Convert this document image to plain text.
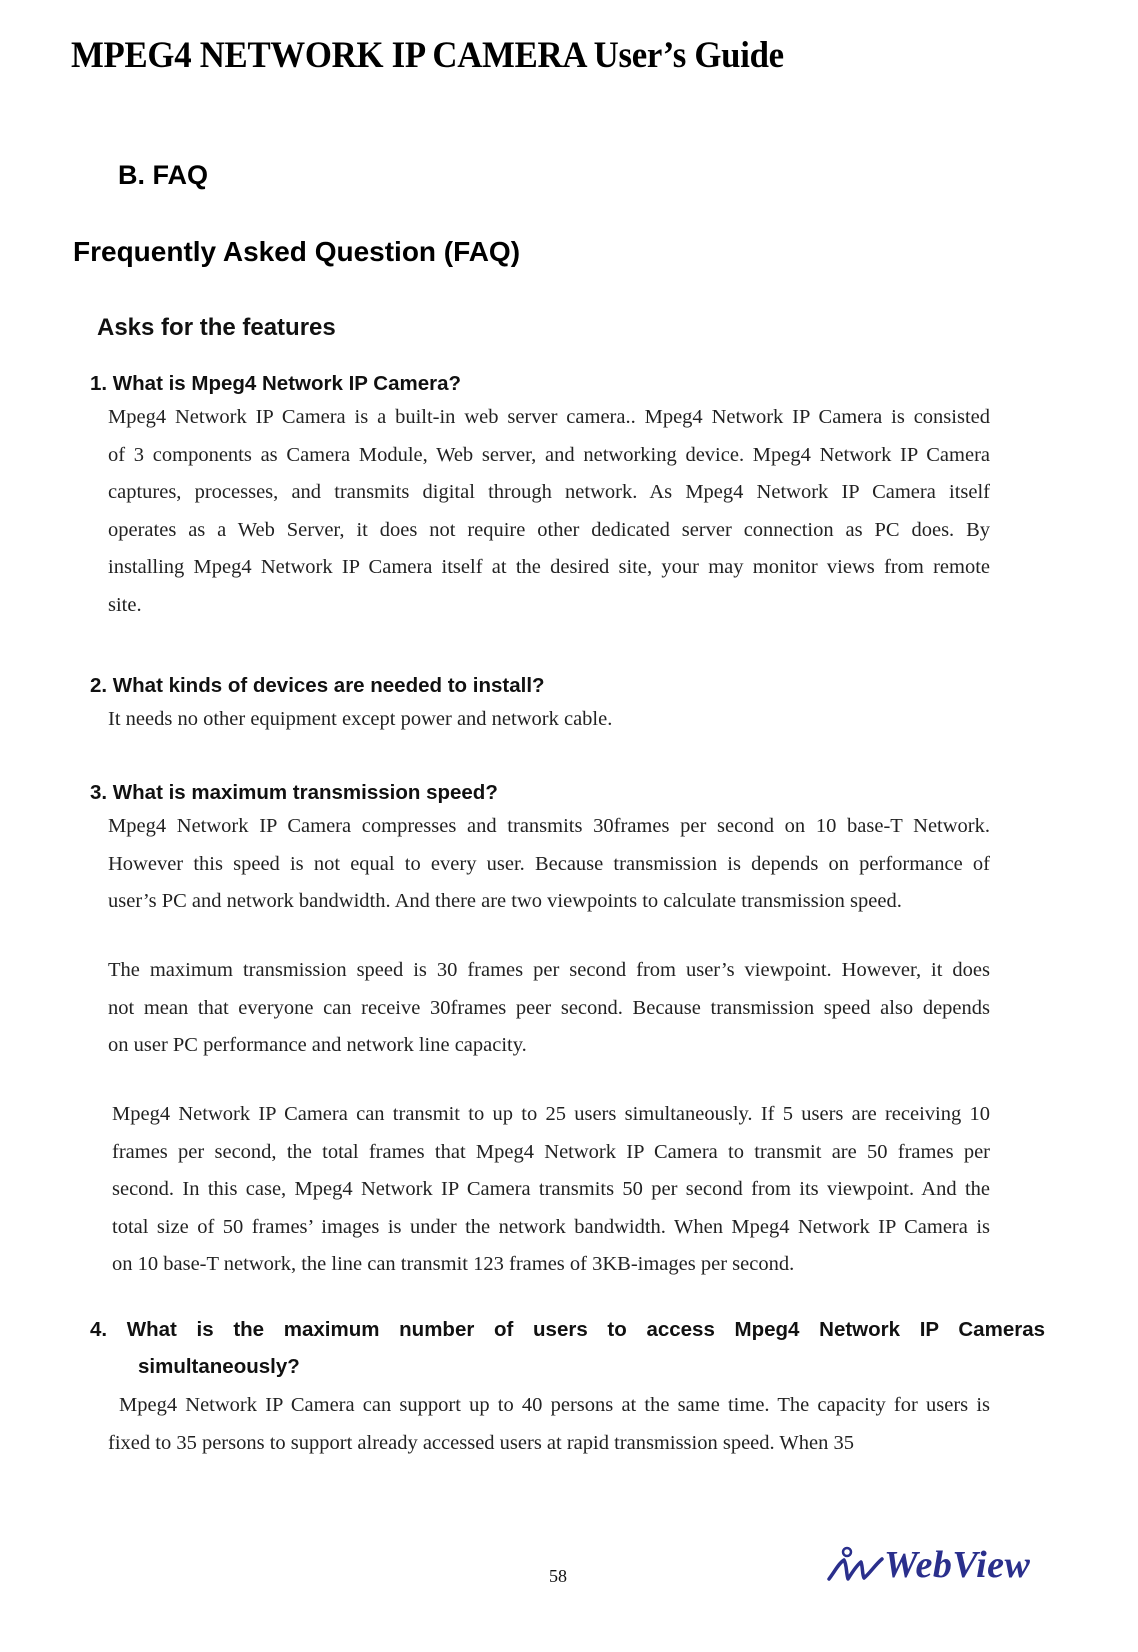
MPEG4 NETWORK IP CAMERA User’s Guide
B. FAQ
Frequently Asked Question (FAQ)
Asks for the features
1. What is Mpeg4 Network IP Camera?

Mpeg4 Network IP Camera is a built-in web server camera.. Mpeg4 Network IP Camera is consisted
of 3 components as Camera Module, Web server, and networking device. Mpeg4 Network IP Camera
captures, processes, and transmits digital through network. As Mpeg4 Network IP Camera itself
operates as a Web Server, it does not require other dedicated server connection as PC does. By
installing Mpeg4 Network IP Camera itself at the desired site, your may monitor views from remote
site.

2. What kinds of devices are needed to install?

It needs no other equipment except power and network cable.

3. What is maximum transmission speed?

Mpeg4 Network IP Camera compresses and transmits 30frames per second on 10 base-T Network.
However this speed is not equal to every user. Because transmission is depends on performance of
user’s PC and network bandwidth. And there are two viewpoints to calculate transmission speed.

The maximum transmission speed is 30 frames per second from user’s viewpoint. However, it does
not mean that everyone can receive 30frames peer second. Because transmission speed also depends
on user PC performance and network line capacity.

Mpeg4 Network IP Camera can transmit to up to 25 users simultaneously. If 5 users are receiving 10
frames per second, the total frames that Mpeg4 Network IP Camera to transmit are 50 frames per
second. In this case, Mpeg4 Network IP Camera transmits 50 per second from its viewpoint. And the
total size of 50 frames’ images is under the network bandwidth. When Mpeg4 Network IP Camera is
on 10 base-T network, the line can transmit 123 frames of 3KB-images per second.

4. What is the maximum number of users to access Mpeg4 Network IP Cameras
simultaneously?

Mpeg4 Network IP Camera can support up to 40 persons at the same time. The capacity for users is
fixed to 35 persons to support already accessed users at rapid transmission speed. When 35

58	WebView
